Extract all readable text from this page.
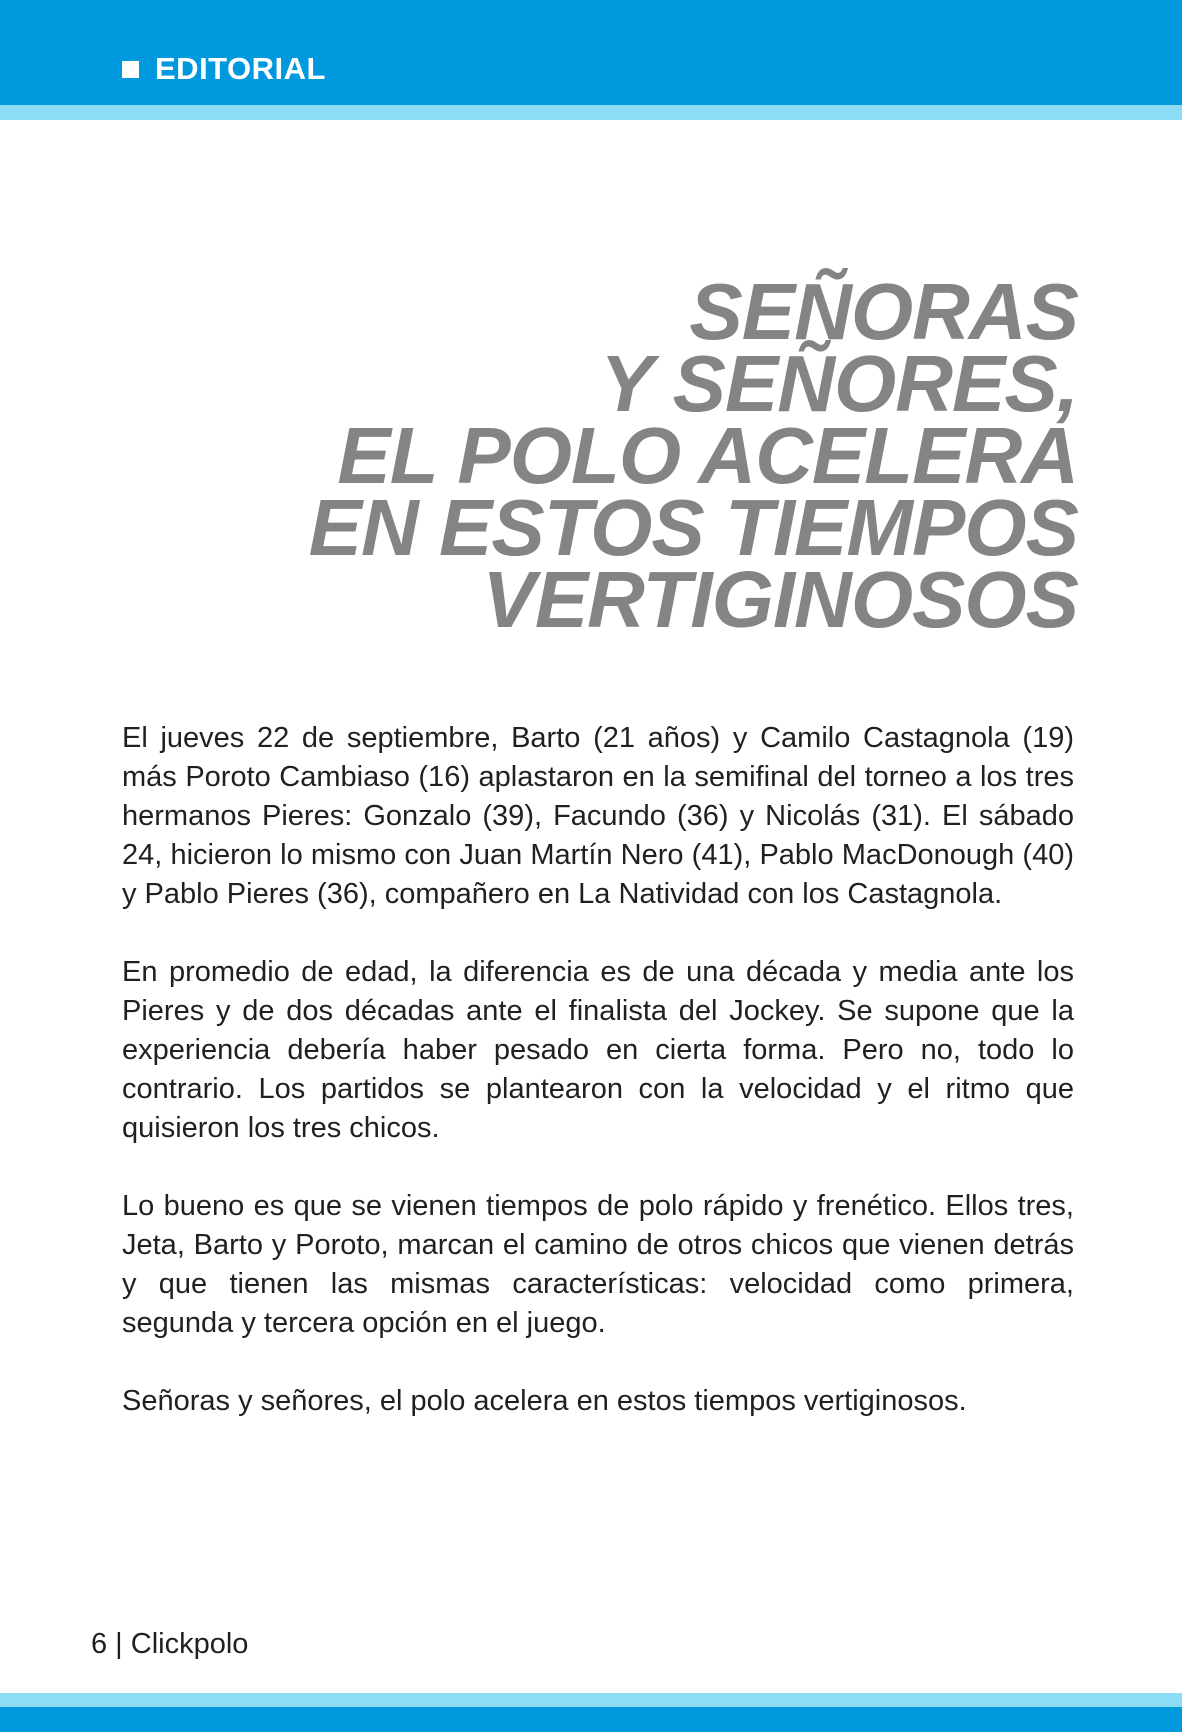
EDITORIAL
SEÑORAS
Y SEÑORES,
EL POLO ACELERA
EN ESTOS TIEMPOS
VERTIGINOSOS

El jueves 22 de septiembre, Barto (21 años) y Camilo Castagnola (19) más Poroto Cambiaso (16) aplastaron en la semifinal del torneo a los tres hermanos Pieres: Gonzalo (39), Facundo (36) y Nicolás (31). El sábado 24, hicieron lo mismo con Juan Martín Nero (41), Pablo MacDonough (40) y Pablo Pieres (36), compañero en La Natividad con los Castagnola.

En promedio de edad, la diferencia es de una década y media ante los Pieres y de dos décadas ante el finalista del Jockey. Se supone que la experiencia debería haber pesado en cierta forma. Pero no, todo lo contrario. Los partidos se plantearon con la velocidad y el ritmo que quisieron los tres chicos.

Lo bueno es que se vienen tiempos de polo rápido y frenético. Ellos tres, Jeta, Barto y Poroto, marcan el camino de otros chicos que vienen detrás y que tienen las mismas características: velocidad como primera, segunda y tercera opción en el juego.

Señoras y señores, el polo acelera en estos tiempos vertiginosos.

6 | Clickpolo
